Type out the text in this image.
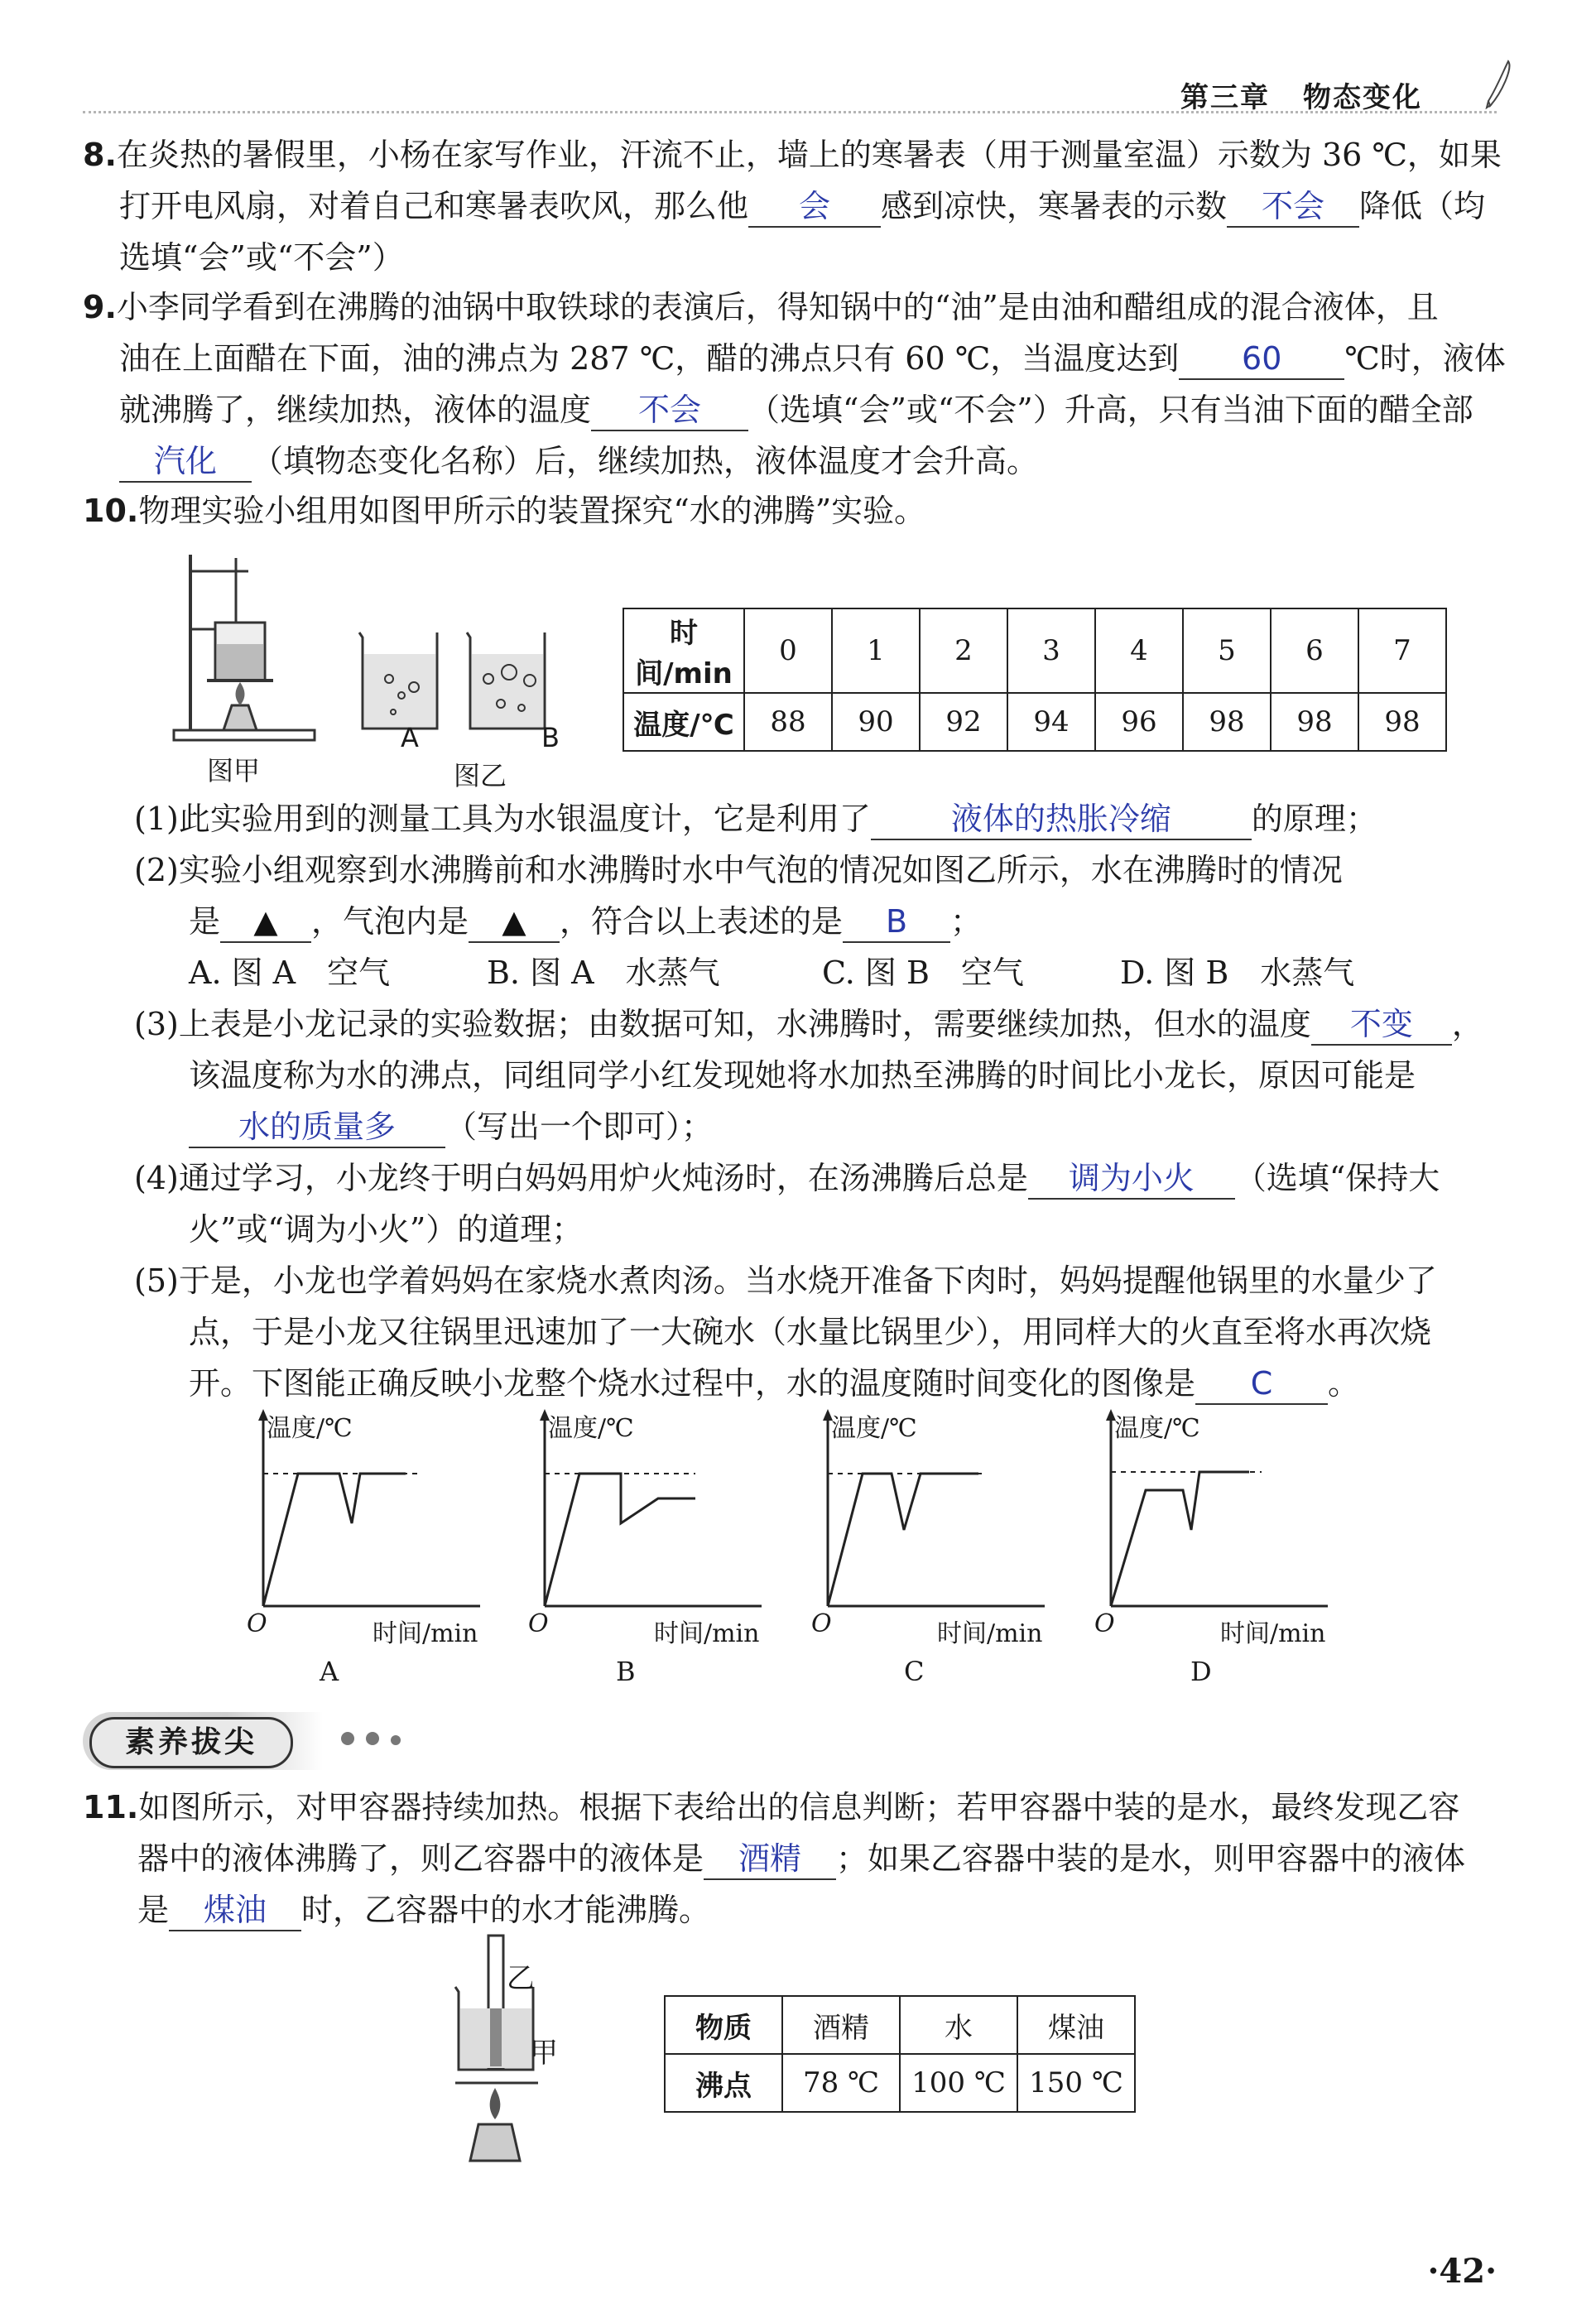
第三章 物态变化
8.在炎热的暑假里，小杨在家写作业，汗流不止，墙上的寒暑表（用于测量室温）示数为 36 ℃，如果
打开电风扇，对着自己和寒暑表吹风，那么他 会 感到凉快，寒暑表的示数 不会 降低（均
选填“会”或“不会”）
9.小李同学看到在沸腾的油锅中取铁球的表演后，得知锅中的“油”是由油和醋组成的混合液体，且
油在上面醋在下面，油的沸点为 287 ℃，醋的沸点只有 60 ℃，当温度达到 60 ℃时，液体
就沸腾了，继续加热，液体的温度 不会 （选填“会”或“不会”）升高，只有当油下面的醋全部
汽化 （填物态变化名称）后，继续加热，液体温度才会升高。
10.物理实验小组用如图甲所示的装置探究“水的沸腾”实验。
图甲
A	B
图乙
时间/min	0	1	2	3	4	5	6	7
温度/℃	88	90	92	94	96	98	98	98
(1)此实验用到的测量工具为水银温度计，它是利用了	液体的热胀冷缩	的原理；
(2)实验小组观察到水沸腾前和水沸腾时水中气泡的情况如图乙所示，水在沸腾时的情况
是 ▲ ，气泡内是 ▲ ，符合以上表述的是 B ；
A. 图 A　空气	B. 图 A　水蒸气	C. 图 B　空气	D. 图 B　水蒸气
(3)上表是小龙记录的实验数据；由数据可知，水沸腾时，需要继续加热，但水的温度 不变 ，
该温度称为水的沸点，同组同学小红发现她将水加热至沸腾的时间比小龙长，原因可能是
水的质量多 （写出一个即可）；
(4)通过学习，小龙终于明白妈妈用炉火炖汤时，在汤沸腾后总是 调为小火 （选填“保持大
火”或“调为小火”）的道理；
(5)于是，小龙也学着妈妈在家烧水煮肉汤。当水烧开准备下肉时，妈妈提醒他锅里的水量少了
点，于是小龙又往锅里迅速加了一大碗水（水量比锅里少），用同样大的火直至将水再次烧
开。下图能正确反映小龙整个烧水过程中，水的温度随时间变化的图像是 C 。
温度/℃
时间/min
O
A
温度/℃
时间/min
O
B
温度/℃
时间/min
O
C
温度/℃
时间/min
O
D
素养拔尖
11.如图所示，对甲容器持续加热。根据下表给出的信息判断；若甲容器中装的是水，最终发现乙容
器中的液体沸腾了，则乙容器中的液体是 酒精 ；如果乙容器中装的是水，则甲容器中的液体
是 煤油 时，乙容器中的水才能沸腾。
乙
甲
物质	酒精	水	煤油
沸点	78 ℃	100 ℃	150 ℃
·42·
